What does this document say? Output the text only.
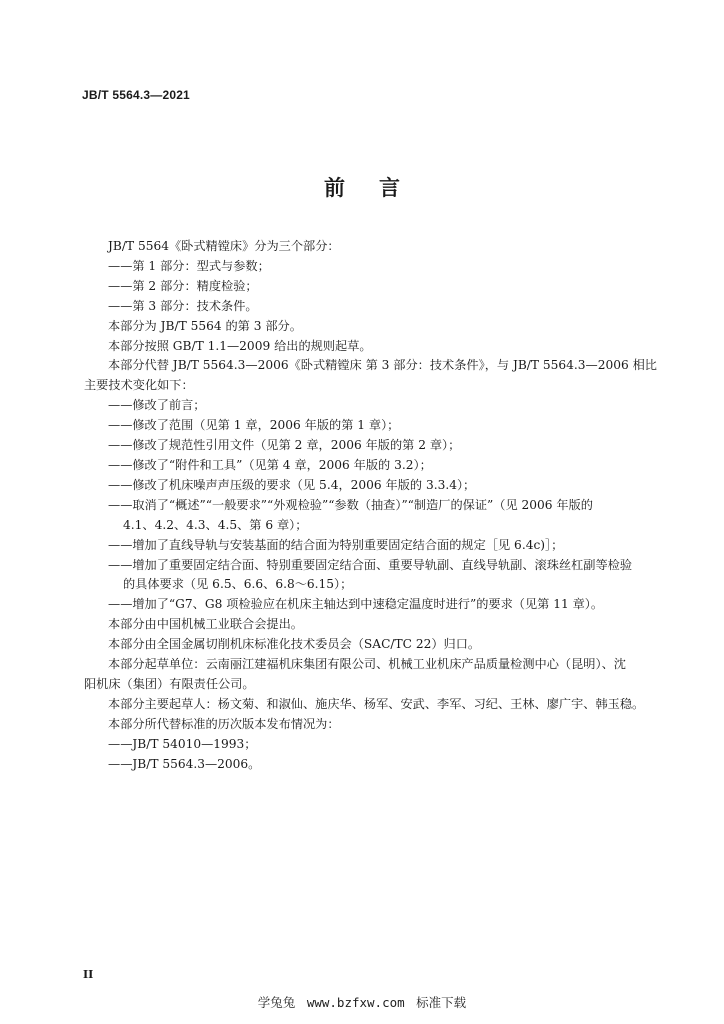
JB/T 5564.3—2021
前言
JB/T 5564《卧式精镗床》分为三个部分：
——第 1 部分：型式与参数；
——第 2 部分：精度检验；
——第 3 部分：技术条件。
本部分为 JB/T 5564 的第 3 部分。
本部分按照 GB/T 1.1—2009 给出的规则起草。
本部分代替 JB/T 5564.3—2006《卧式精镗床 第 3 部分：技术条件》，与 JB/T 5564.3—2006 相比
主要技术变化如下：
——修改了前言；
——修改了范围（见第 1 章，2006 年版的第 1 章）；
——修改了规范性引用文件（见第 2 章，2006 年版的第 2 章）；
——修改了“附件和工具”（见第 4 章，2006 年版的 3.2）；
——修改了机床噪声声压级的要求（见 5.4，2006 年版的 3.3.4）；
——取消了“概述”“一般要求”“外观检验”“参数（抽查）”“制造厂的保证”（见 2006 年版的
4.1、4.2、4.3、4.5、第 6 章）；
——增加了直线导轨与安装基面的结合面为特别重要固定结合面的规定［见 6.4c)］；
——增加了重要固定结合面、特别重要固定结合面、重要导轨副、直线导轨副、滚珠丝杠副等检验
的具体要求（见 6.5、6.6、6.8～6.15）；
——增加了“G7、G8 项检验应在机床主轴达到中速稳定温度时进行”的要求（见第 11 章）。
本部分由中国机械工业联合会提出。
本部分由全国金属切削机床标准化技术委员会（SAC/TC 22）归口。
本部分起草单位：云南丽江建福机床集团有限公司、机械工业机床产品质量检测中心（昆明）、沈
阳机床（集团）有限责任公司。
本部分主要起草人：杨文菊、和淑仙、施庆华、杨军、安武、李军、习纪、王林、廖广宇、韩玉稳。
本部分所代替标准的历次版本发布情况为：
——JB/T 54010—1993；
——JB/T 5564.3—2006。
II
学兔兔 www.bzfxw.com 标准下载
